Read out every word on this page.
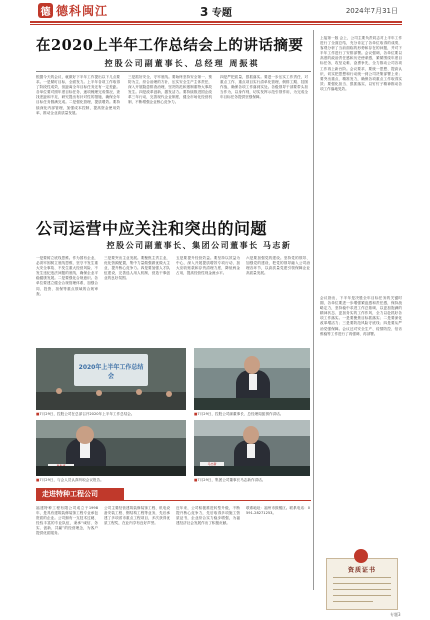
德 德科闽江	3 专题	2024年7月31日
在2020上半年工作总结会上的讲话摘要
控股公司副董事长、总经理 周振祺
根据今天的会议，就做好下半年工作提出以下几点要求。一是紧盯目标，全面发力。上半年各项工作取得了阶段性成效，但距离全年目标任务还有一定差距。各单位要对照年度目标任务，逐项梳理完成情况，查找差距和不足，研究提出有针对性的措施，确保全年目标任务圆满完成。二是强化管理，提质增效。要持续深化内部管理，加强成本控制，提高资金使用效率，推动企业高质量发展。
三是抓好安全，守牢底线。要始终坚持安全第一、预防为主、综合治理的方针，压实安全生产主体责任，深入开展隐患排查治理，坚决防范和遏制重特大事故发生。四是改革创新，激发活力。要持续推进国企改革三年行动，完善现代企业制度，健全市场化经营机制，不断增强企业核心竞争力。
四是严把质量，狠抓落实。要进一步压实工作责任，对重点工作、重点项目实行清单化管理，倒排工期、挂图作战，确保各项工作落到实处。各级领导干部要带头担当作为，以身作则，切实发挥示范引领作用，为完成全年目标任务提供坚强保障。
公司运营中应关注和突出的问题
控股公司副董事长、集团公司董事长 马志新
一是要树立底线思维。作为国有企业，必须牢固树立底线思维，坚守不发生重大安全事故、不发生重大经营风险、不发生违纪违法问题的底线，确保企业平稳健康发展。二是要强化合规意识。各单位要建立健全合规管理体系，加强合同、投资、担保等重点领域的合规审查。
三是要突出主业发展。要聚焦主责主业，优化资源配置，集中力量做强做优做大主业，提升核心竞争力。四是要加强人才队伍建设，完善选人用人机制，营造干事创业的良好氛围。
五是要提升经营效益。要坚持以效益为中心，深入开展提质增效专项行动，加大应收账款和存货清理力度，降低两金占用，提高经营性现金流水平。
六是要加强党的建设。坚持党的领导、加强党的建设，把党的领导融入公司治理各环节，以高质量党建引领保障企业高质量发展。
2020年上半年工作总结会
■7月29日，控股公司在总部召开2020年上半年工作总结会。	■7月29日，控股公司副董事长、总经理周振祺作讲话。
■7月29日，与会人员认真听取会议报告。
马志新
■7月29日，集团公司董事长马志新作讲话。
走进特种工程公司
福建特种工程有限公司成立于1998年，是具有建筑装修装饰工程专业承包资质的企业。公司拥有一支技术过硬、经验丰富的专业队伍，秉承“诚信、务实、创新、共赢”的经营理念，为客户提供优质服务。
公司主要经营建筑装修装饰工程、机电设备安装工程、钢结构工程等业务，先后承建了多项省市重点工程项目，多次获得优质工程奖，在业内享有良好声誉。
近年来，公司积极推进转型升级，不断提升核心竞争力，先后取得多项施工资质证书，企业综合实力稳步增强，为福建经济社会发展作出了积极贡献。
联系地址：福州市鼓楼区。联系电话：0591-28271253。
上接第一版 会上，公司主要负责同志对上半年工作进行了全面总结，充分肯定了各单位取得的成绩，客观分析了当前面临的形势和存在的问题，并对下半年工作进行了安排部署。会议强调，各单位要以高度的政治责任感和历史使命感，紧紧围绕年度目标任务，攻坚克难、奋勇争先，全力推动公司各项工作再上新台阶。会议要求，要统一思想、提高认识，切实把思想和行动统一到公司决策部署上来；要突出重点、精准发力，确保各项重点工作取得实效；要强化担当、狠抓落实，以钉钉子精神推动各项工作落地见效。
会议指出，下半年是决胜全年目标任务的关键时期，各单位要进一步增强紧迫感和责任感，保持战略定力，坚持稳中求进工作总基调，以更加饱满的精神状态、更加务实的工作作风，全力以赴抓好各项工作落实。一是要聚焦目标抓落实；二是要深化改革增活力；三是要防范风险守底线；四是要从严治党强保障。会议还对安全生产、疫情防控、信访维稳等工作进行了再强调、再部署。
资质证书
专题3
